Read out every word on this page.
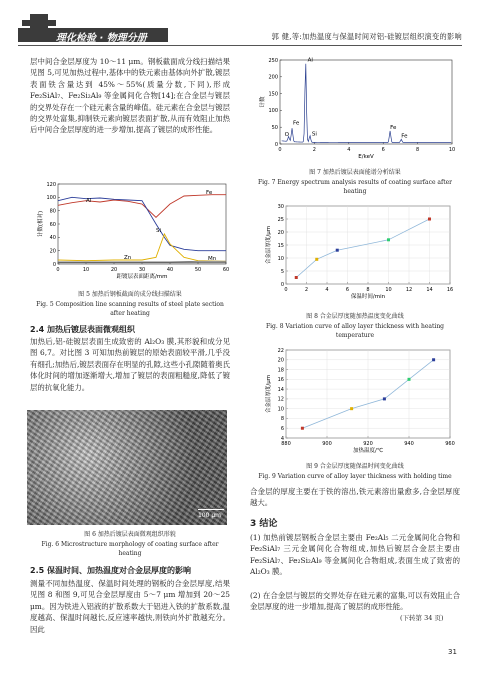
理化检验 · 物理分册	郭 健,等:加热温度与保温时间对铝-硅镀层组织演变的影响
层中间合金层厚度为 10～11 μm。钢板截面成分线扫描结果见图 5,可见加热过程中,基体中的铁元素由基体向外扩散,镀层表面铁含量达到 45%～55%(质量分数,下同),形成 Fe₂SiAl₇、Fe₂Si₂Al₉ 等金属间化合物[14];在合金层与镀层的交界处存在一个硅元素含量的峰值。硅元素在合金层与镀层的交界处富集,抑制铁元素向镀层表面扩散,从而有效阻止加热后中间合金层厚度的进一步增加,提高了镀层的成形性能。
0	10	20	30	40	50	60
0
20
40
60
80
100
120
距镀层表面距离/mm
计数(相对)
Fe
Al
Si
Zn	Mn
图 5 加热后钢板截面的成分线扫描结果
Fig. 5 Composition line scanning results of steel plate section after heating
2.4 加热后镀层表面微观组织
加热后,铝-硅镀层表面生成致密的 Al₂O₃ 膜,其形貌和成分见图 6,7。对比图 3 可知加热前镀层的原始表面较平滑,几乎没有细孔;加热后,镀层表面存在明显的孔隙,这些小孔隙随着奥氏体化时间的增加逐渐增大,增加了镀层的表面粗糙度,降低了镀层的抗氧化能力。
100 μm
图 6 加热后镀层表面微观组织形貌
Fig. 6 Microstructure morphology of coating surface after heating
2.5 保温时间、加热温度对合金层厚度的影响
测量不同加热温度、保温时间处理的钢板的合金层厚度,结果见图 8 和图 9,可见合金层厚度由 5～7 μm 增加到 20～25 μm。因为铁进入铝液的扩散系数大于铝进入铁的扩散系数,温度越高、保温时间越长,反应速率越快,则铁向外扩散越充分。因此
0	2	4	6	8	10
0
50
100
150
200
250
E/keV
计数
O
Fe
Al
Si
Fe
Fe
图 7 加热后镀层表面能谱分析结果
Fig. 7 Energy spectrum analysis results of coating surface after heating
0	2	4	6	8	10	12	14	16
0
5
10
15
20
25
30
保温时间/min
合金层厚度/μm
图 8 合金层厚度随加热温度变化曲线
Fig. 8 Variation curve of alloy layer thickness with heating temperature
880	900	920	940	960
4
6
8
10
12
14
16
18
20
22
加热温度/℃
合金层厚度/μm
图 9 合金层厚度随保温时间变化曲线
Fig. 9 Variation curve of alloy layer thickness with holding time
合金层的厚度主要在于铁的溶出,铁元素溶出量愈多,合金层厚度越大。
3 结论
(1) 加热前镀层钢板合金层主要由 Fe₂Al₅ 二元金属间化合物和 Fe₂SiAl₇ 三元金属间化合物组成,加热后镀层合金层主要由 Fe₂SiAl₇、Fe₂Si₂Al₉ 等金属间化合物组成,表面生成了致密的 Al₂O₃ 膜。
(2) 在合金层与镀层的交界处存在硅元素的富集,可以有效阻止合金层厚度的进一步增加,提高了镀层的成形性能。
(下转第 34 页)
31
